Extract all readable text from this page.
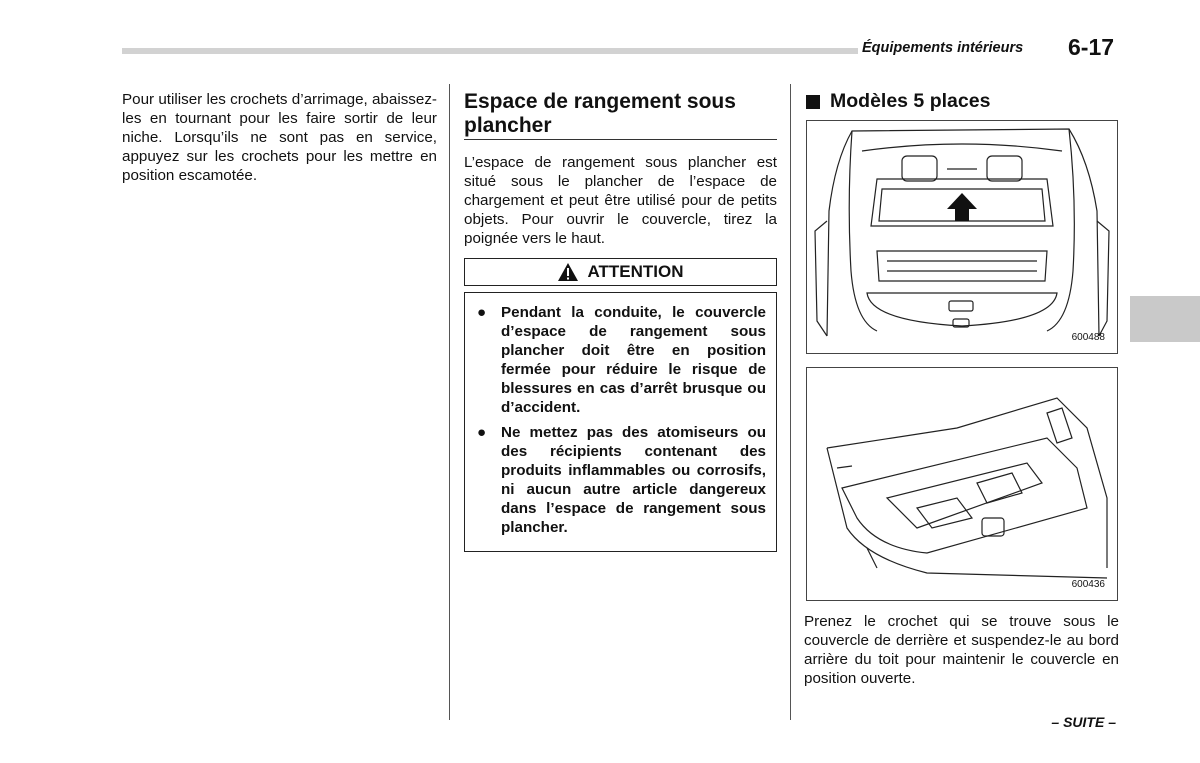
Équipements intérieurs 6-17

Pour utiliser les crochets d’arrimage, abaissez-les en tournant pour les faire sortir de leur niche. Lorsqu’ils ne sont pas en service, appuyez sur les crochets pour les mettre en position escamotée.

Espace de rangement sous plancher

L’espace de rangement sous plancher est situé sous le plancher de l’espace de chargement et peut être utilisé pour de petits objets. Pour ouvrir le couvercle, tirez la poignée vers le haut.

ATTENTION
● Pendant la conduite, le couvercle d’espace de rangement sous plancher doit être en position fermée pour réduire le risque de blessures en cas d’arrêt brusque ou d’accident.
● Ne mettez pas des atomiseurs ou des récipients contenant des produits inflammables ou corrosifs, ni aucun autre article dangereux dans l’espace de rangement sous plancher.
Modèles 5 places
600488
600436

Prenez le crochet qui se trouve sous le couvercle de derrière et suspendez-le au bord arrière du toit pour maintenir le couvercle en position ouverte.

– SUITE –
